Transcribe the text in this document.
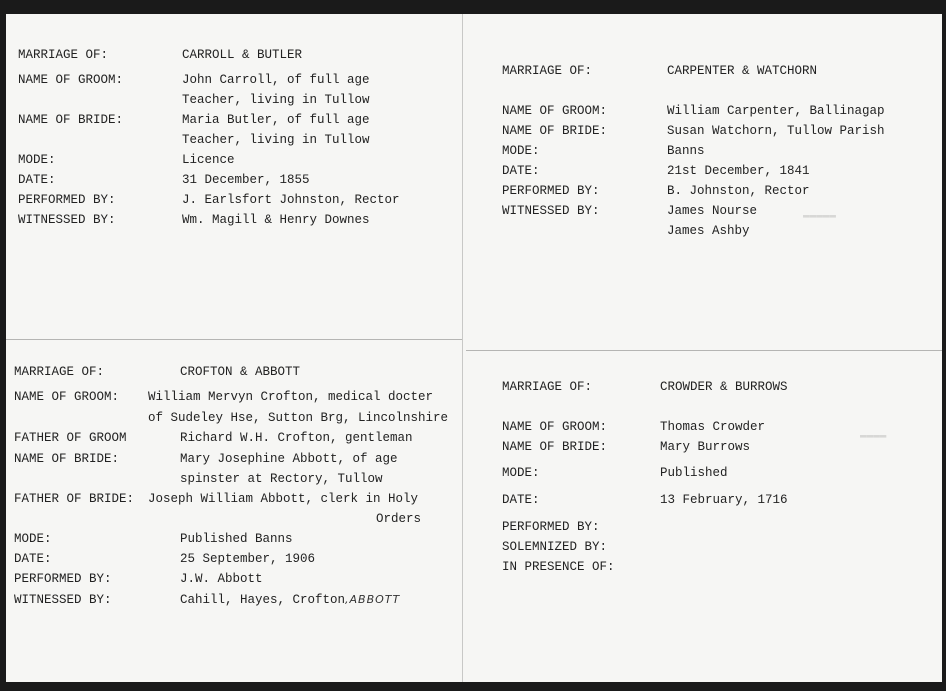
▬▬▬▬▬
▬▬▬▬
MARRIAGE OF:	CARROLL & BUTLER
NAME OF GROOM:	John Carroll, of full age
Teacher, living in Tullow
NAME OF BRIDE:	Maria Butler, of full age
Teacher, living in Tullow
MODE:	Licence
DATE:	31 December, 1855
PERFORMED BY:	J. Earlsfort Johnston, Rector
WITNESSED BY:	Wm. Magill & Henry Downes
MARRIAGE OF:	CARPENTER & WATCHORN
NAME OF GROOM:	William Carpenter, Ballinagap
NAME OF BRIDE:	Susan Watchorn, Tullow Parish
MODE:	Banns
DATE:	21st December, 1841
PERFORMED BY:	B. Johnston, Rector
WITNESSED BY:	James Nourse
James Ashby
MARRIAGE OF:	CROFTON & ABBOTT
NAME OF GROOM: William Mervyn Crofton, medical docter
of Sudeley Hse, Sutton Brg, Lincolnshire
FATHER OF GROOM	Richard W.H. Crofton, gentleman
NAME OF BRIDE:	Mary Josephine Abbott, of age
spinster at Rectory, Tullow
FATHER OF BRIDE: Joseph William Abbott, clerk in Holy
Orders
MODE:	Published Banns
DATE:	25 September, 1906
PERFORMED BY:	J.W. Abbott
WITNESSED BY:	Cahill, Hayes, Crofton,ABBOTT
MARRIAGE OF:	CROWDER & BURROWS
NAME OF GROOM:	Thomas Crowder
NAME OF BRIDE:	Mary Burrows
MODE:	Published
DATE:	13 February, 1716
PERFORMED BY:
SOLEMNIZED BY:
IN PRESENCE OF:
